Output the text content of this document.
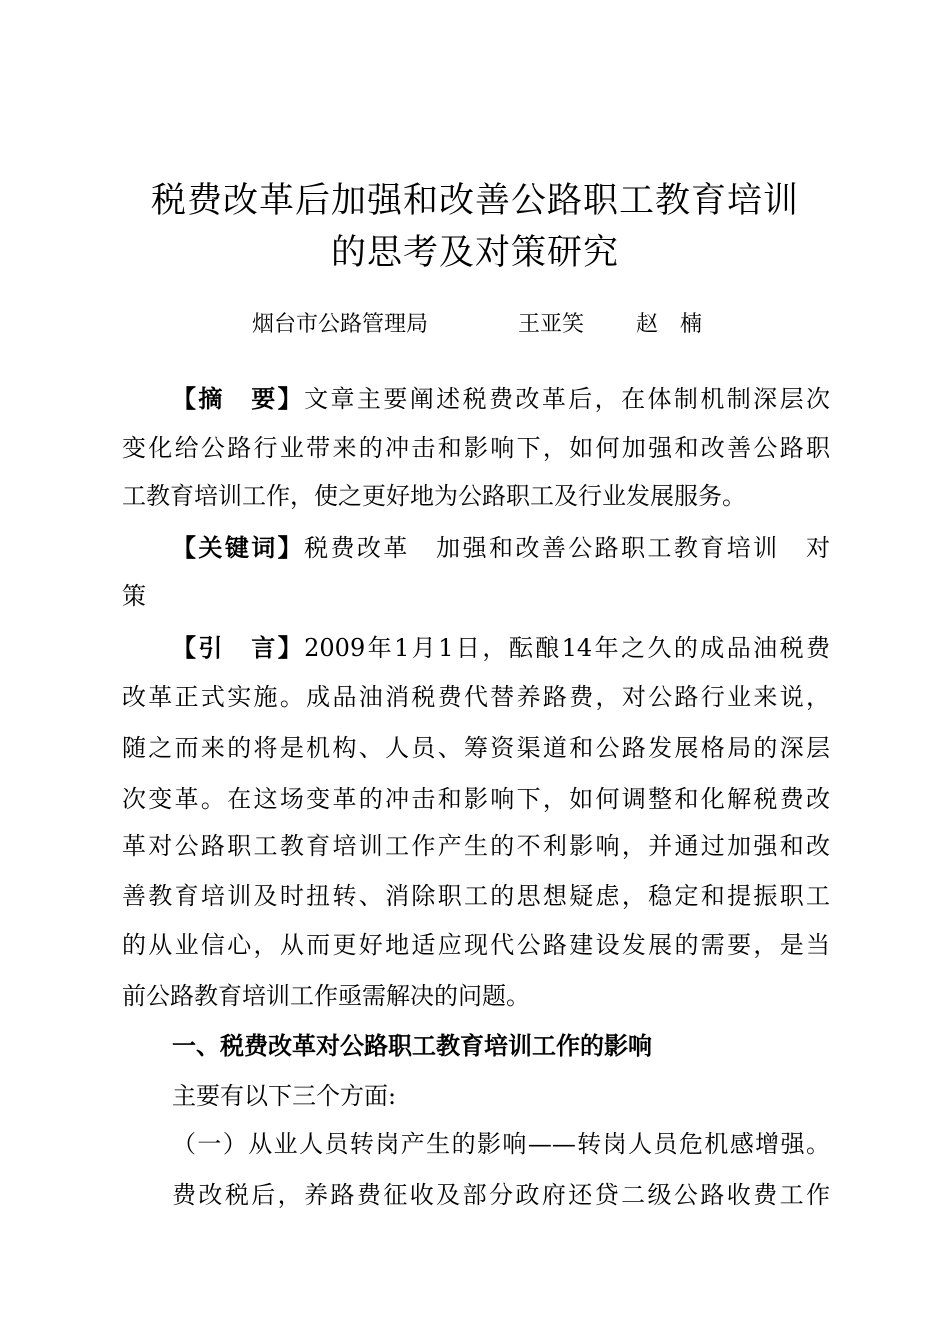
税费改革后加强和改善公路职工教育培训
的思考及对策研究
烟台市公路管理局	王亚笑 赵　楠
【摘　要】文章主要阐述税费改革后，在体制机制深层次
变化给公路行业带来的冲击和影响下，如何加强和改善公路职
工教育培训工作，使之更好地为公路职工及行业发展服务。
【关键词】税费改革　加强和改善公路职工教育培训　对
策
【引　言】2009年1月1日，酝酿14年之久的成品油税费
改革正式实施。成品油消税费代替养路费，对公路行业来说，
随之而来的将是机构、人员、筹资渠道和公路发展格局的深层
次变革。在这场变革的冲击和影响下，如何调整和化解税费改
革对公路职工教育培训工作产生的不利影响，并通过加强和改
善教育培训及时扭转、消除职工的思想疑虑，稳定和提振职工
的从业信心，从而更好地适应现代公路建设发展的需要，是当
前公路教育培训工作亟需解决的问题。
一、税费改革对公路职工教育培训工作的影响
主要有以下三个方面:
（一）从业人员转岗产生的影响——转岗人员危机感增强。
费改税后，养路费征收及部分政府还贷二级公路收费工作
